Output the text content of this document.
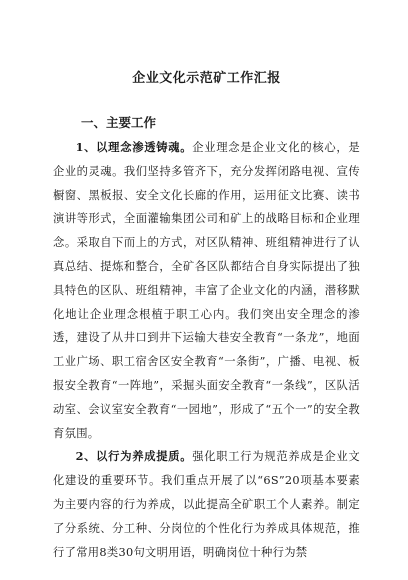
企业文化示范矿工作汇报
一、主要工作

1、以理念渗透铸魂。企业理念是企业文化的核心，是企业的灵魂。我们坚持多管齐下，充分发挥闭路电视、宣传橱窗、黑板报、安全文化长廊的作用，运用征文比赛、读书演讲等形式，全面灌输集团公司和矿上的战略目标和企业理念。采取自下而上的方式，对区队精神、班组精神进行了认真总结、提炼和整合，全矿各区队都结合自身实际提出了独具特色的区队、班组精神，丰富了企业文化的内涵，潜移默化地让企业理念根植于职工心内。我们突出安全理念的渗透，建设了从井口到井下运输大巷安全教育“一条龙”，地面工业广场、职工宿舍区安全教育“一条街”，广播、电视、板报安全教育“一阵地”，采掘头面安全教育“一条线”，区队活动室、会议室安全教育“一园地”，形成了“五个一”的安全教育氛围。

2、以行为养成提质。强化职工行为规范养成是企业文化建设的重要环节。我们重点开展了以“6S”20项基本要素为主要内容的行为养成，以此提高全矿职工个人素养。制定了分系统、分工种、分岗位的个性化行为养成具体规范，推行了常用8类30句文明用语，明确岗位十种行为禁
